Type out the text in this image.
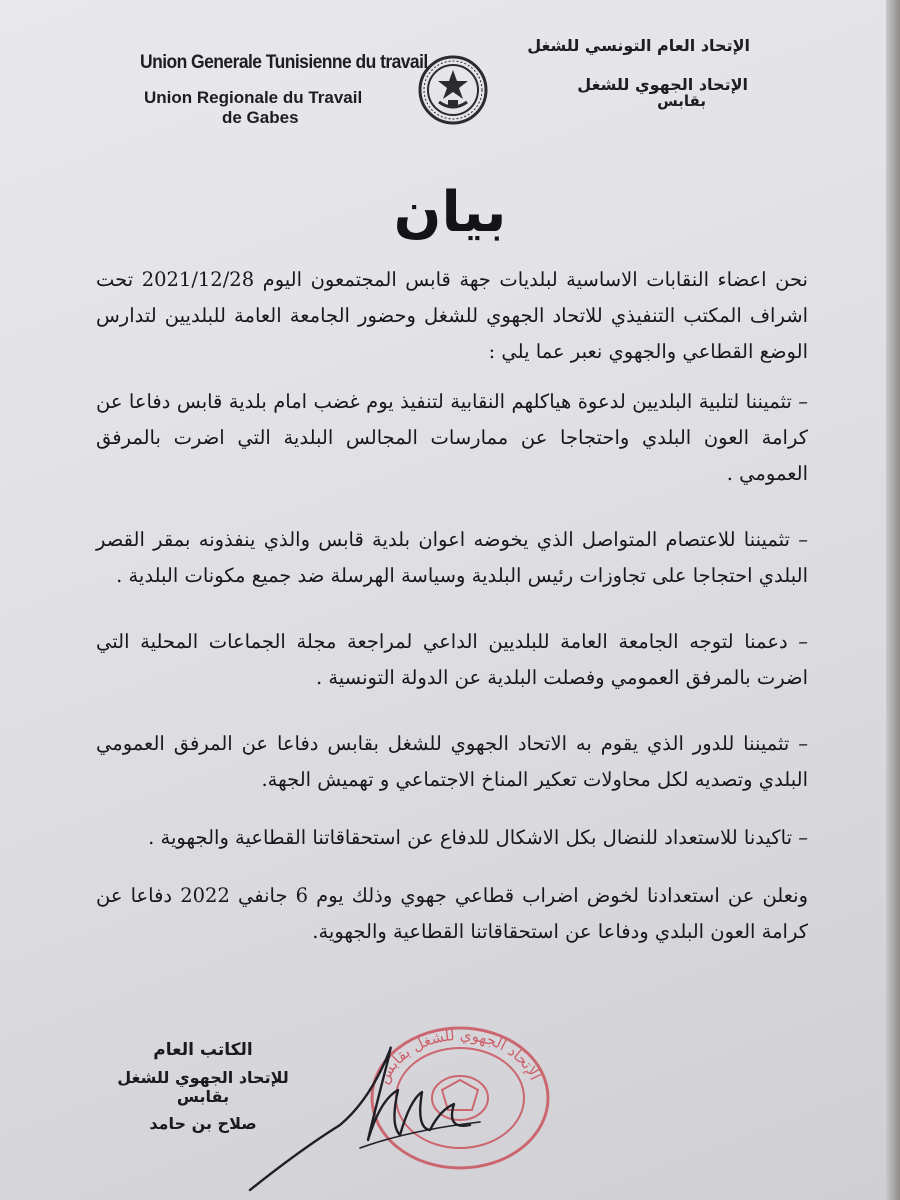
Union Generale Tunisienne du travail
Union Regionale du Travail
de Gabes
الإتحاد العام التونسي للشغل
الإتحاد الجهوي للشغل
بقابس
بيان

نحن اعضاء النقابات الاساسية لبلديات جهة قابس المجتمعون اليوم 2021/12/28 تحت اشراف المكتب التنفيذي للاتحاد الجهوي للشغل وحضور الجامعة العامة للبلديين لتدارس الوضع القطاعي والجهوي نعبر عما يلي :

– تثميننا لتلبية البلديين لدعوة هياكلهم النقابية لتنفيذ يوم غضب امام بلدية قابس دفاعا عن كرامة العون البلدي واحتجاجا عن ممارسات المجالس البلدية التي اضرت بالمرفق العمومي .

– تثميننا للاعتصام المتواصل الذي يخوضه اعوان بلدية قابس والذي ينفذونه بمقر القصر البلدي احتجاجا على تجاوزات رئيس البلدية وسياسة الهرسلة ضد جميع مكونات البلدية .

– دعمنا لتوجه الجامعة العامة للبلديين الداعي لمراجعة مجلة الجماعات المحلية التي اضرت بالمرفق العمومي وفصلت البلدية عن الدولة التونسية .

– تثميننا للدور الذي يقوم به الاتحاد الجهوي للشغل بقابس دفاعا عن المرفق العمومي البلدي وتصديه لكل محاولات تعكير المناخ الاجتماعي و تهميش الجهة.

– تاكيدنا للاستعداد للنضال بكل الاشكال للدفاع عن استحقاقاتنا القطاعية والجهوية .

ونعلن عن استعدادنا لخوض اضراب قطاعي جهوي وذلك يوم 6 جانفي 2022 دفاعا عن كرامة العون البلدي ودفاعا عن استحقاقاتنا القطاعية والجهوية.

الإتحاد الجهوي للشغل بقابس
الكاتب العام
للإتحاد الجهوي للشغل بقابس
صلاح بن حامد
